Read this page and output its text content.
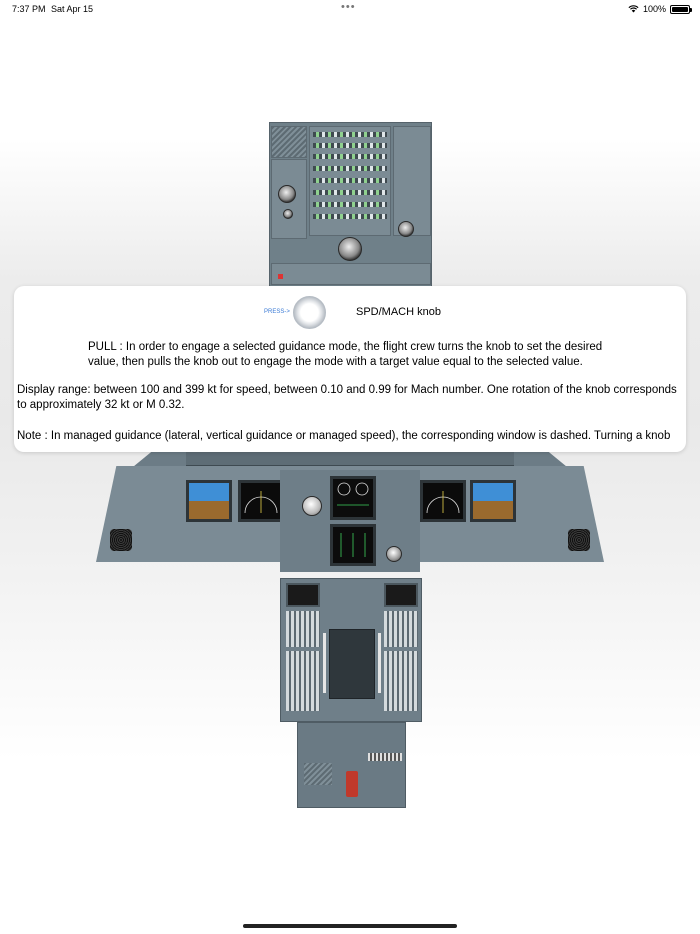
7:37 PM Sat Apr 15	•••	100%
PRESS->	SPD/MACH knob

PULL : In order to engage a selected guidance mode, the flight crew turns the knob to set the desired value, then pulls the knob out to engage the mode with a target value equal to the selected value.

Display range: between 100 and 399 kt for speed, between 0.10 and 0.99 for Mach number. One rotation of the knob corresponds to approximately 32 kt or M 0.32.

Note : In managed guidance (lateral, vertical guidance or managed speed), the corresponding window is dashed. Turning a knob
